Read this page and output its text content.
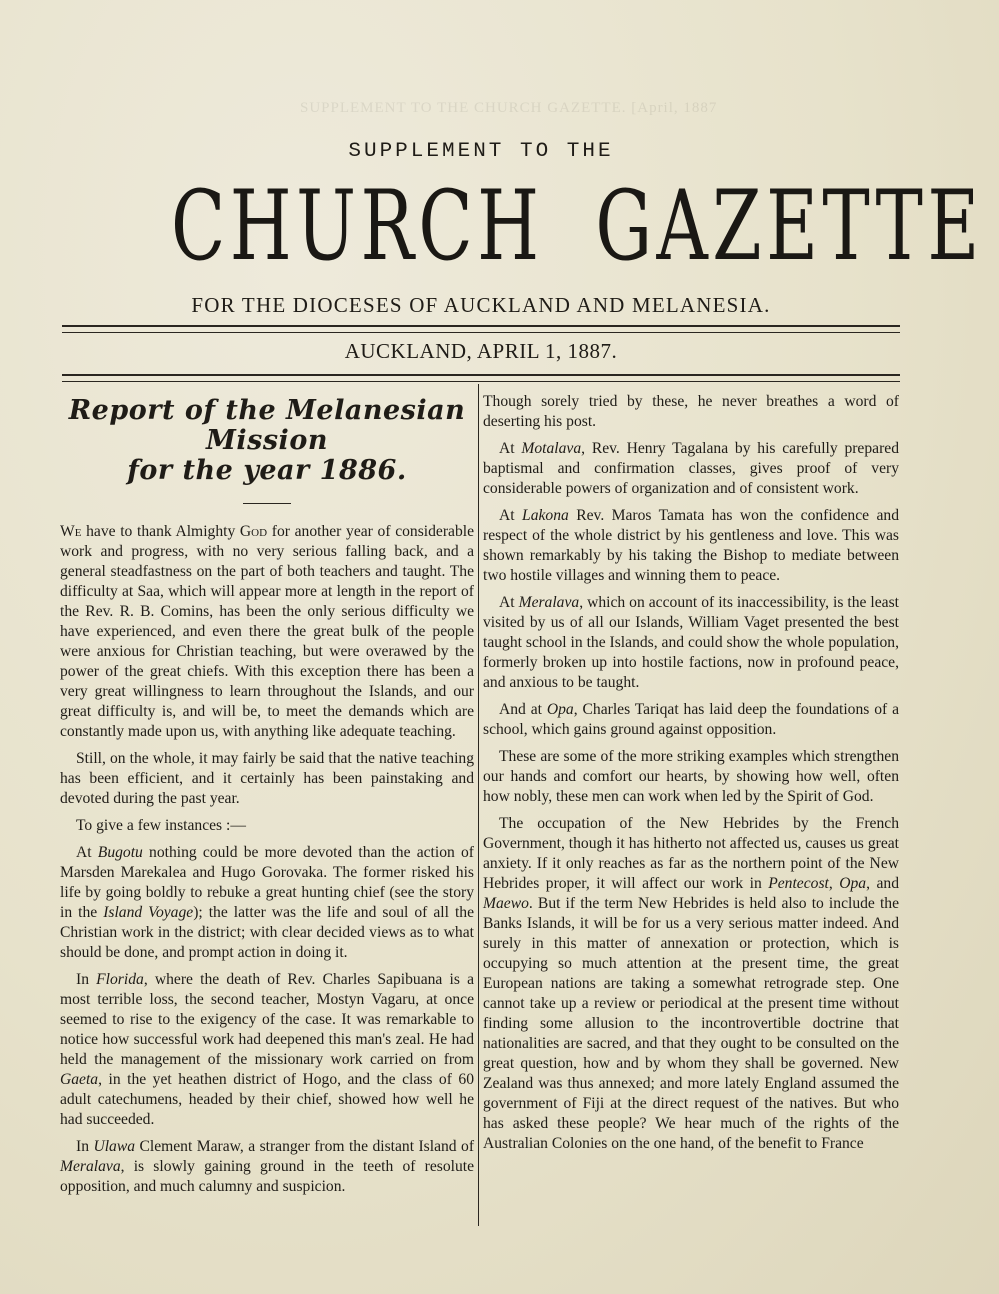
SUPPLEMENT TO THE CHURCH GAZETTE. [April, 1887
SUPPLEMENT TO THE
CHURCH GAZETTE
FOR THE DIOCESES OF AUCKLAND AND MELANESIA.
AUCKLAND, APRIL 1, 1887.
Report of the Melanesian Mission
for the year 1886.

We have to thank Almighty God for another year of considerable work and progress, with no very serious falling back, and a general steadfastness on the part of both teachers and taught. The difficulty at Saa, which will appear more at length in the report of the Rev. R. B. Comins, has been the only serious difficulty we have experienced, and even there the great bulk of the people were anxious for Christian teaching, but were overawed by the power of the great chiefs. With this exception there has been a very great willingness to learn throughout the Islands, and our great difficulty is, and will be, to meet the demands which are constantly made upon us, with anything like adequate teaching.

Still, on the whole, it may fairly be said that the native teaching has been efficient, and it certainly has been painstaking and devoted during the past year.

To give a few instances :—

At Bugotu nothing could be more devoted than the action of Marsden Marekalea and Hugo Gorovaka. The former risked his life by going boldly to rebuke a great hunting chief (see the story in the Island Voyage); the latter was the life and soul of all the Christian work in the district; with clear decided views as to what should be done, and prompt action in doing it.

In Florida, where the death of Rev. Charles Sapibuana is a most terrible loss, the second teacher, Mostyn Vagaru, at once seemed to rise to the exigency of the case. It was remarkable to notice how successful work had deepened this man's zeal. He had held the management of the missionary work carried on from Gaeta, in the yet heathen district of Hogo, and the class of 60 adult catechumens, headed by their chief, showed how well he had succeeded.

In Ulawa Clement Maraw, a stranger from the distant Island of Meralava, is slowly gaining ground in the teeth of resolute opposition, and much calumny and suspicion.

Though sorely tried by these, he never breathes a word of deserting his post.

At Motalava, Rev. Henry Tagalana by his carefully prepared baptismal and confirmation classes, gives proof of very considerable powers of organization and of consistent work.

At Lakona Rev. Maros Tamata has won the confidence and respect of the whole district by his gentleness and love. This was shown remarkably by his taking the Bishop to mediate between two hostile villages and winning them to peace.

At Meralava, which on account of its inaccessibility, is the least visited by us of all our Islands, William Vaget presented the best taught school in the Islands, and could show the whole population, formerly broken up into hostile factions, now in profound peace, and anxious to be taught.

And at Opa, Charles Tariqat has laid deep the foundations of a school, which gains ground against opposition.

These are some of the more striking examples which strengthen our hands and comfort our hearts, by showing how well, often how nobly, these men can work when led by the Spirit of God.

The occupation of the New Hebrides by the French Government, though it has hitherto not affected us, causes us great anxiety. If it only reaches as far as the northern point of the New Hebrides proper, it will affect our work in Pentecost, Opa, and Maewo. But if the term New Hebrides is held also to include the Banks Islands, it will be for us a very serious matter indeed. And surely in this matter of annexation or protection, which is occupying so much attention at the present time, the great European nations are taking a somewhat retrograde step. One cannot take up a review or periodical at the present time without finding some allusion to the incontrovertible doctrine that nationalities are sacred, and that they ought to be consulted on the great question, how and by whom they shall be governed. New Zealand was thus annexed; and more lately England assumed the government of Fiji at the direct request of the natives. But who has asked these people? We hear much of the rights of the Australian Colonies on the one hand, of the benefit to France
